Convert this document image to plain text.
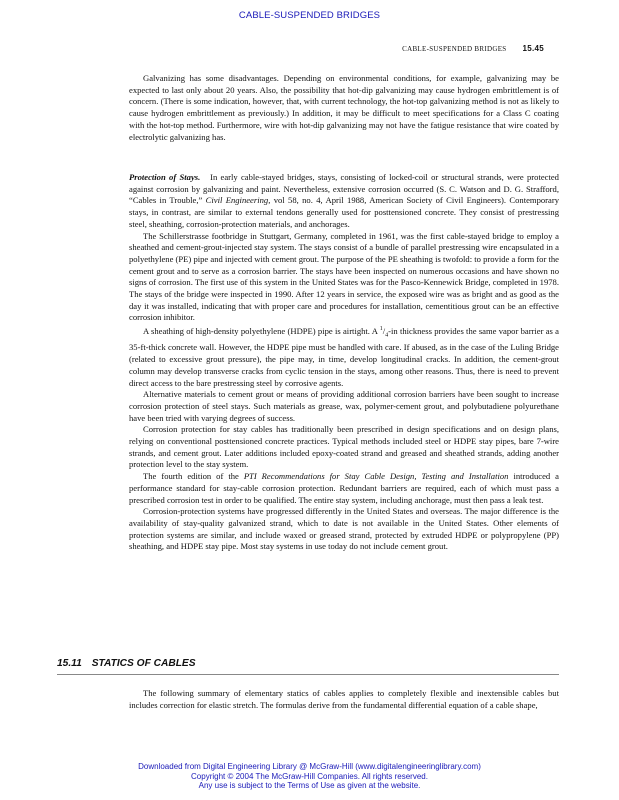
CABLE-SUSPENDED BRIDGES
CABLE-SUSPENDED BRIDGES 15.45

Galvanizing has some disadvantages. Depending on environmental conditions, for example, galvanizing may be expected to last only about 20 years. Also, the possibility that hot-dip galvanizing may cause hydrogen embrittlement is of concern. (There is some indication, however, that, with current technology, the hot-top galvanizing method is not as likely to cause hydrogen embrittlement as previously.) In addition, it may be difficult to meet specifications for a Class C coating with the hot-top method. Furthermore, wire with hot-dip galvanizing may not have the fatigue resistance that wire coated by electrolytic galvanizing has.

Protection of Stays. In early cable-stayed bridges, stays, consisting of locked-coil or structural strands, were protected against corrosion by galvanizing and paint. Nevertheless, extensive corrosion occurred (S. C. Watson and D. G. Strafford, “Cables in Trouble,” Civil Engineering, vol 58, no. 4, April 1988, American Society of Civil Engineers). Contemporary stays, in contrast, are similar to external tendons generally used for posttensioned concrete. They consist of prestressing steel, sheathing, corrosion-protection materials, and anchorages.

The Schillerstrasse footbridge in Stuttgart, Germany, completed in 1961, was the first cable-stayed bridge to employ a sheathed and cement-grout-injected stay system. The stays consist of a bundle of parallel prestressing wire encapsulated in a polyethylene (PE) pipe and injected with cement grout. The purpose of the PE sheathing is twofold: to provide a form for the cement grout and to serve as a corrosion barrier. The stays have been inspected on numerous occasions and have shown no signs of corrosion. The first use of this system in the United States was for the Pasco-Kennewick Bridge, completed in 1978. The stays of the bridge were inspected in 1990. After 12 years in service, the exposed wire was as bright and as good as the day it was installed, indicating that with proper care and procedures for installation, cementitious grout can be an effective corrosion inhibitor.

A sheathing of high-density polyethylene (HDPE) pipe is airtight. A $^1/_4-in$ thickness provides the same vapor barrier as a 35-ft-thick concrete wall. However, the HDPE pipe must be handled with care. If abused, as in the case of the Luling Bridge (related to excessive grout pressure), the pipe may, in time, develop longitudinal cracks. In addition, the cement-grout column may develop transverse cracks from cyclic tension in the stays, among other reasons. Thus, there is need to prevent direct access to the bare prestressing steel by corrosive agents.

Alternative materials to cement grout or means of providing additional corrosion barriers have been sought to increase corrosion protection of steel stays. Such materials as grease, wax, polymer-cement grout, and polybutadiene polyurethane have been tried with varying degrees of success.

Corrosion protection for stay cables has traditionally been prescribed in design specifications and on design plans, relying on conventional posttensioned concrete practices. Typical methods included steel or HDPE stay pipes, bare 7-wire strands, and cement grout. Later additions included epoxy-coated strand and greased and sheathed strands, adding another protection level to the stay system.

The fourth edition of the PTI Recommendations for Stay Cable Design, Testing and Installation introduced a performance standard for stay-cable corrosion protection. Redundant barriers are required, each of which must pass a prescribed corrosion test in order to be qualified. The entire stay system, including anchorage, must then pass a leak test.

Corrosion-protection systems have progressed differently in the United States and overseas. The major difference is the availability of stay-quality galvanized strand, which to date is not available in the United States. Other elements of protection systems are similar, and include waxed or greased strand, protected by extruded HDPE or polypropylene (PP) sheathing, and HDPE stay pipe. Most stay systems in use today do not include cement grout.

15.11 STATICS OF CABLES

The following summary of elementary statics of cables applies to completely flexible and inextensible cables but includes correction for elastic stretch. The formulas derive from the fundamental differential equation of a cable shape,

Downloaded from Digital Engineering Library @ McGraw-Hill (www.digitalengineeringlibrary.com)
Copyright © 2004 The McGraw-Hill Companies. All rights reserved.
Any use is subject to the Terms of Use as given at the website.
